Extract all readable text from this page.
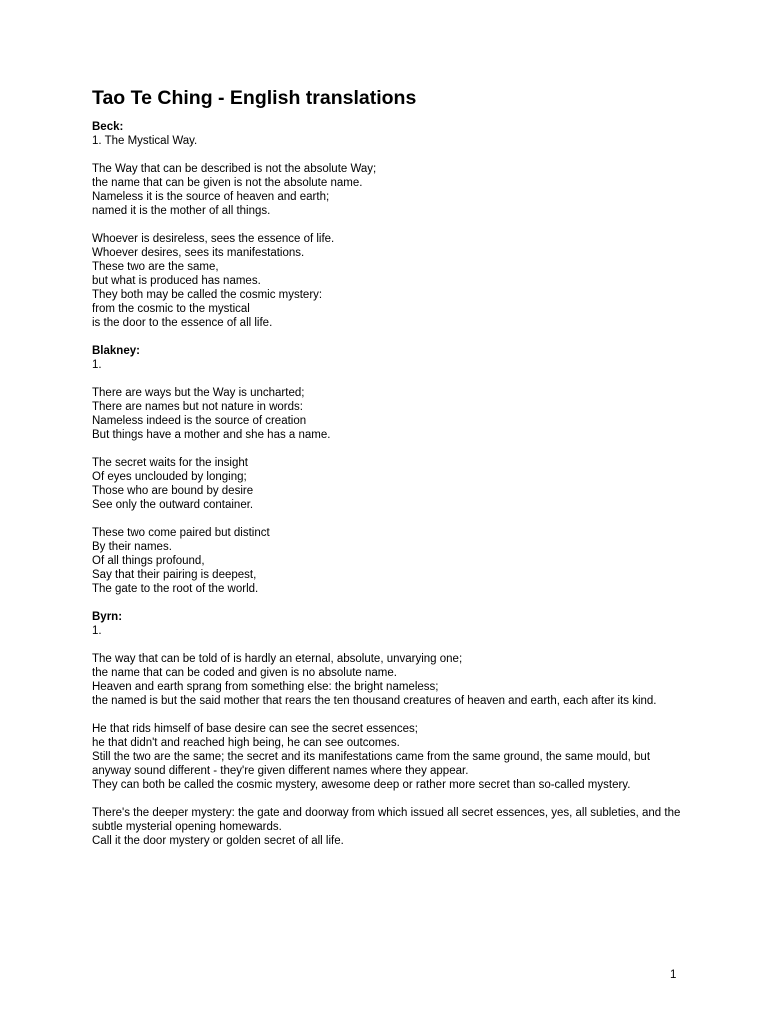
Tao Te Ching - English translations
Beck:
1. The Mystical Way.
The Way that can be described is not the absolute Way;
the name that can be given is not the absolute name.
Nameless it is the source of heaven and earth;
named it is the mother of all things.
Whoever is desireless, sees the essence of life.
Whoever desires, sees its manifestations.
These two are the same,
but what is produced has names.
They both may be called the cosmic mystery:
from the cosmic to the mystical
is the door to the essence of all life.
Blakney:
1.
There are ways but the Way is uncharted;
There are names but not nature in words:
Nameless indeed is the source of creation
But things have a mother and she has a name.
The secret waits for the insight
Of eyes unclouded by longing;
Those who are bound by desire
See only the outward container.
These two come paired but distinct
By their names.
Of all things profound,
Say that their pairing is deepest,
The gate to the root of the world.
Byrn:
1.
The way that can be told of is hardly an eternal, absolute, unvarying one;
the name that can be coded and given is no absolute name.
Heaven and earth sprang from something else: the bright nameless;
the named is but the said mother that rears the ten thousand creatures of heaven and earth, each after its kind.
He that rids himself of base desire can see the secret essences;
he that didn't and reached high being, he can see outcomes.
Still the two are the same; the secret and its manifestations came from the same ground, the same mould, but anyway sound different - they're given different names where they appear.
They can both be called the cosmic mystery, awesome deep or rather more secret than so-called mystery.
There's the deeper mystery: the gate and doorway from which issued all secret essences, yes, all subleties, and the subtle mysterial opening homewards.
Call it the door mystery or golden secret of all life.
1
